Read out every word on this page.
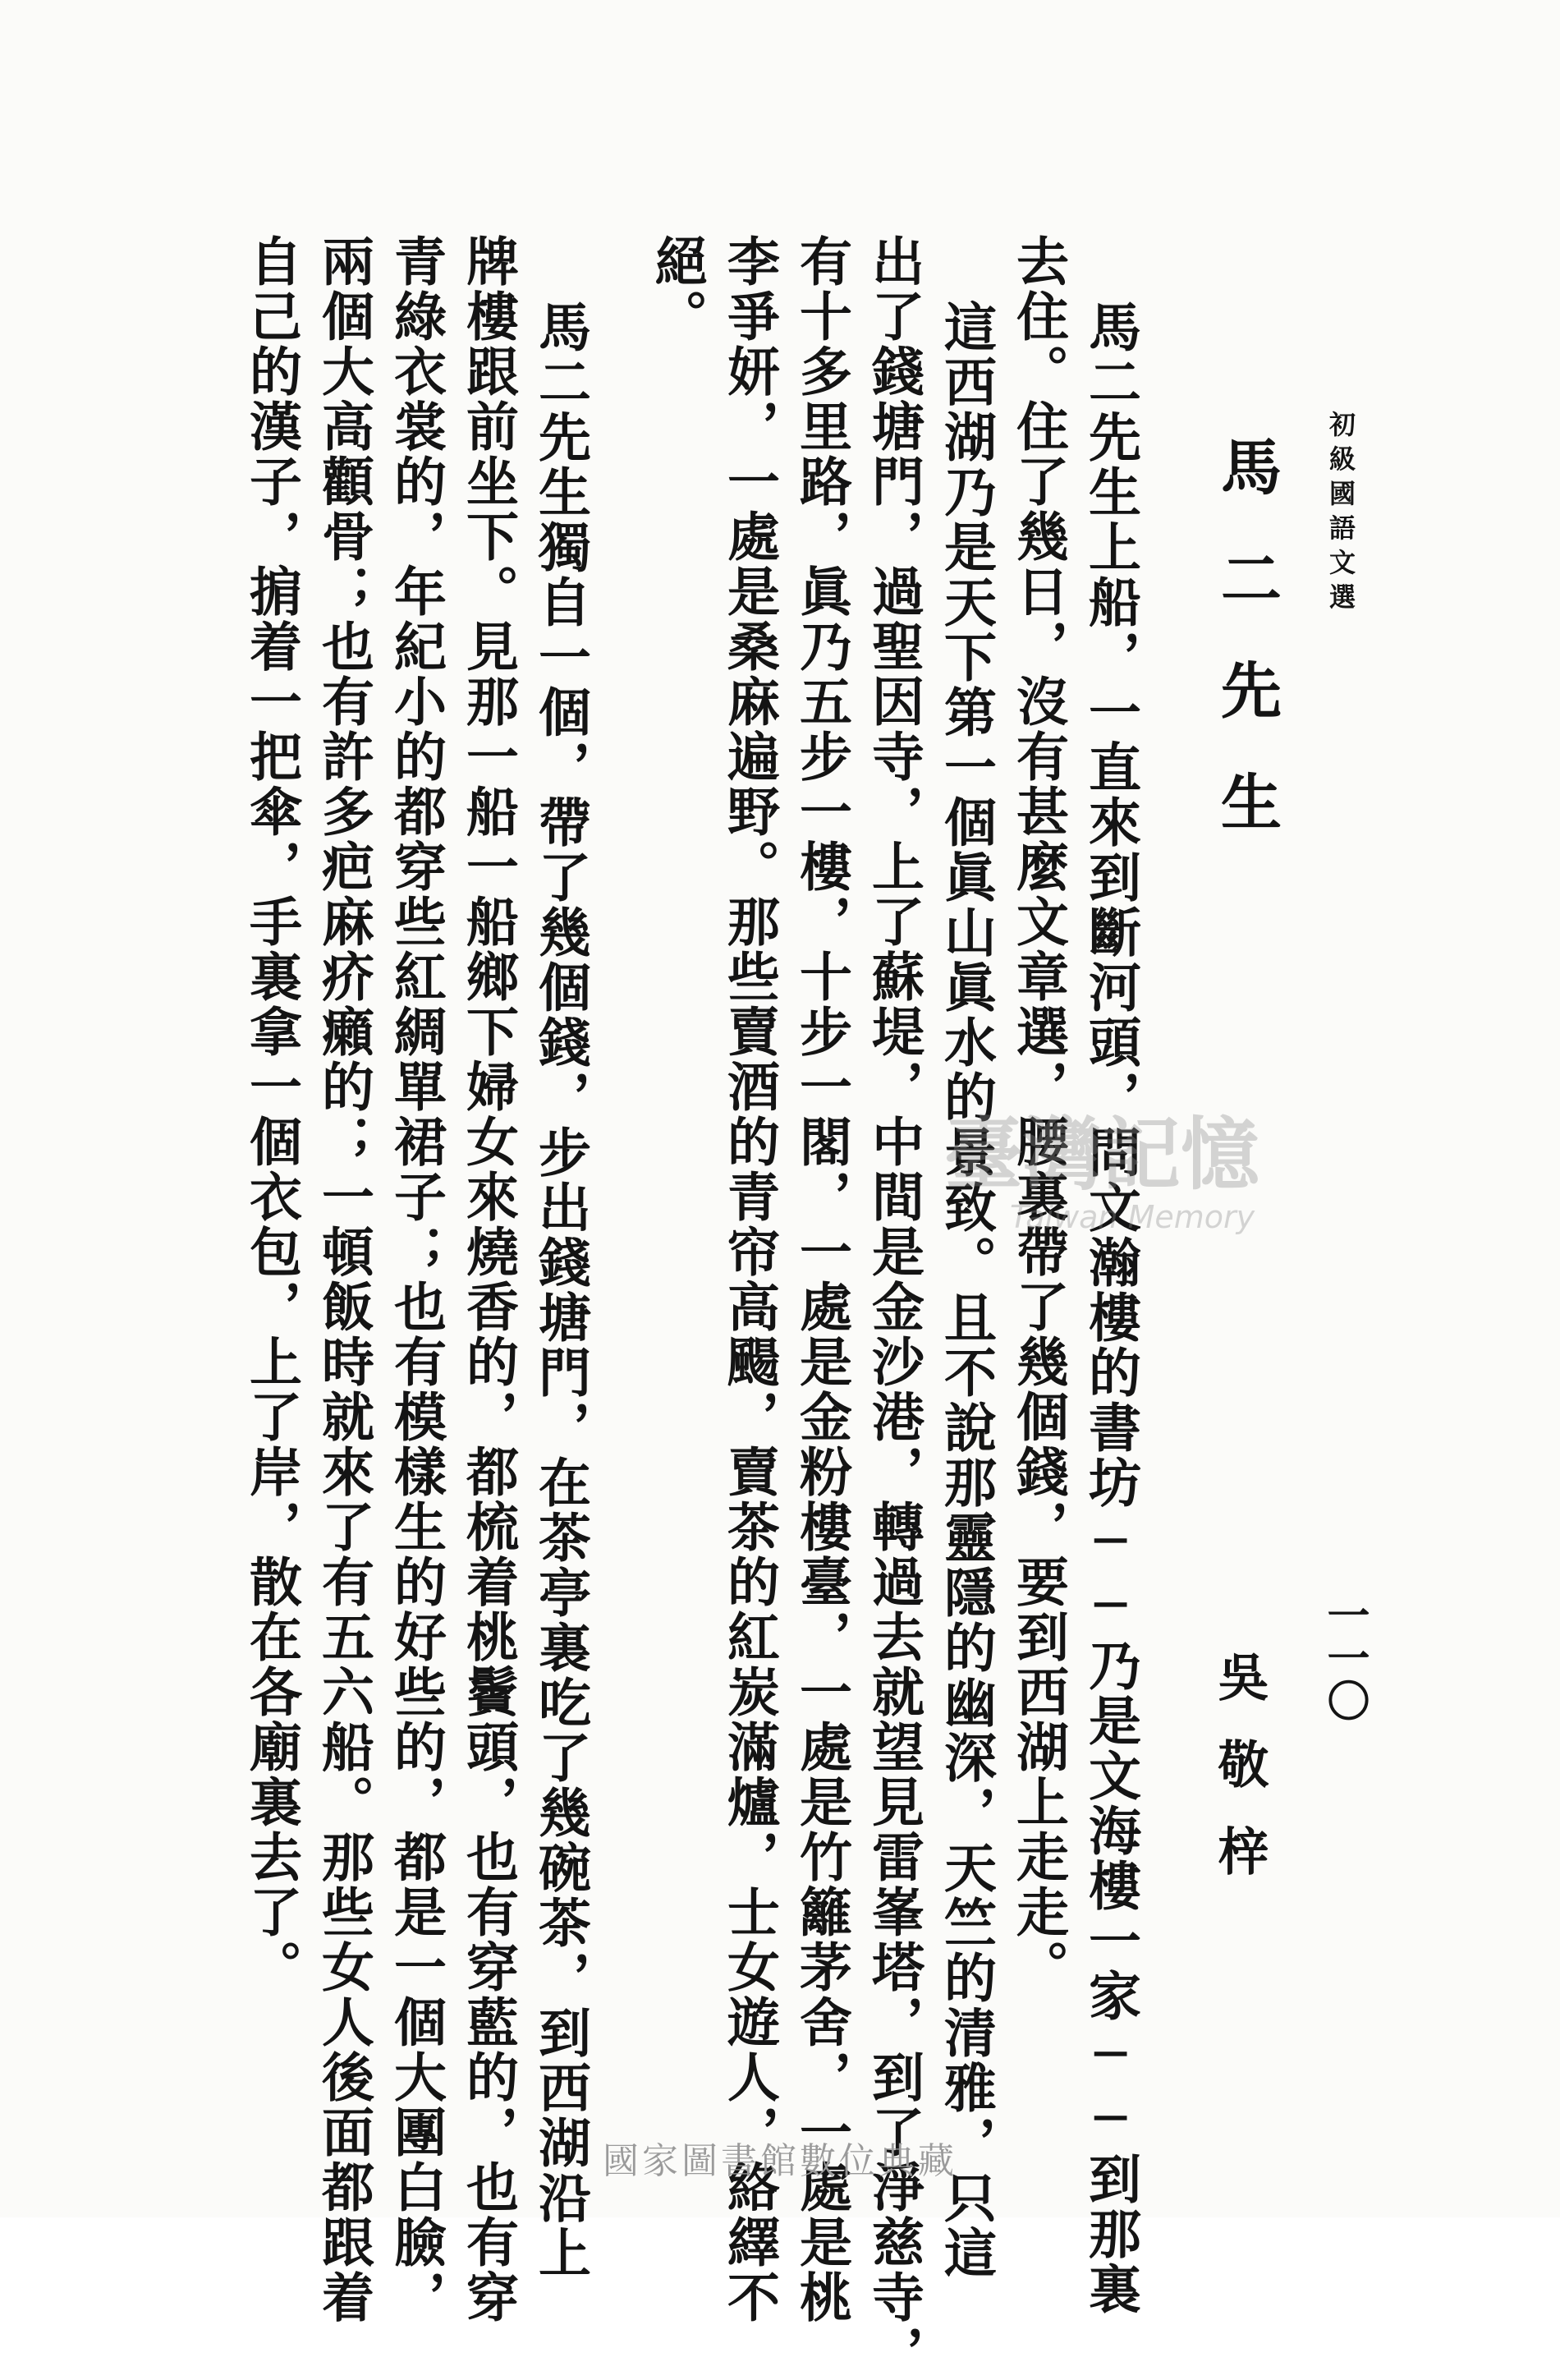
初級國語文選
一一〇
馬二先生
吳敬梓
馬二先生上船，一直來到斷河頭，問文瀚樓的書坊──乃是文海樓一家──到那裏
去住。住了幾日，沒有甚麼文章選，腰裏帶了幾個錢，要到西湖上走走。
這西湖乃是天下第一個眞山眞水的景致。且不說那靈隱的幽深，天竺的清雅，只這
出了錢塘門，過聖因寺，上了蘇堤，中間是金沙港，轉過去就望見雷峯塔，到了淨慈寺，
有十多里路，眞乃五步一樓，十步一閣，一處是金粉樓臺，一處是竹籬茅舍，一處是桃
李爭妍，一處是桑麻遍野。那些賣酒的青帘高颺，賣茶的紅炭滿爐，士女遊人，絡繹不
絕。
馬二先生獨自一個，帶了幾個錢，步出錢塘門，在茶亭裏吃了幾碗茶，到西湖沿上
牌樓跟前坐下。見那一船一船鄉下婦女來燒香的，都梳着桃鬢頭，也有穿藍的，也有穿
青綠衣裳的，年紀小的都穿些紅綢單裙子；也有模樣生的好些的，都是一個大團白臉，
兩個大高顴骨；也有許多疤麻疥癩的；一頓飯時就來了有五六船。那些女人後面都跟着
自己的漢子，掮着一把傘，手裏拿一個衣包，上了岸，散在各廟裏去了。	臺灣記憶
Taiwan Memory
國家圖書館數位典藏
